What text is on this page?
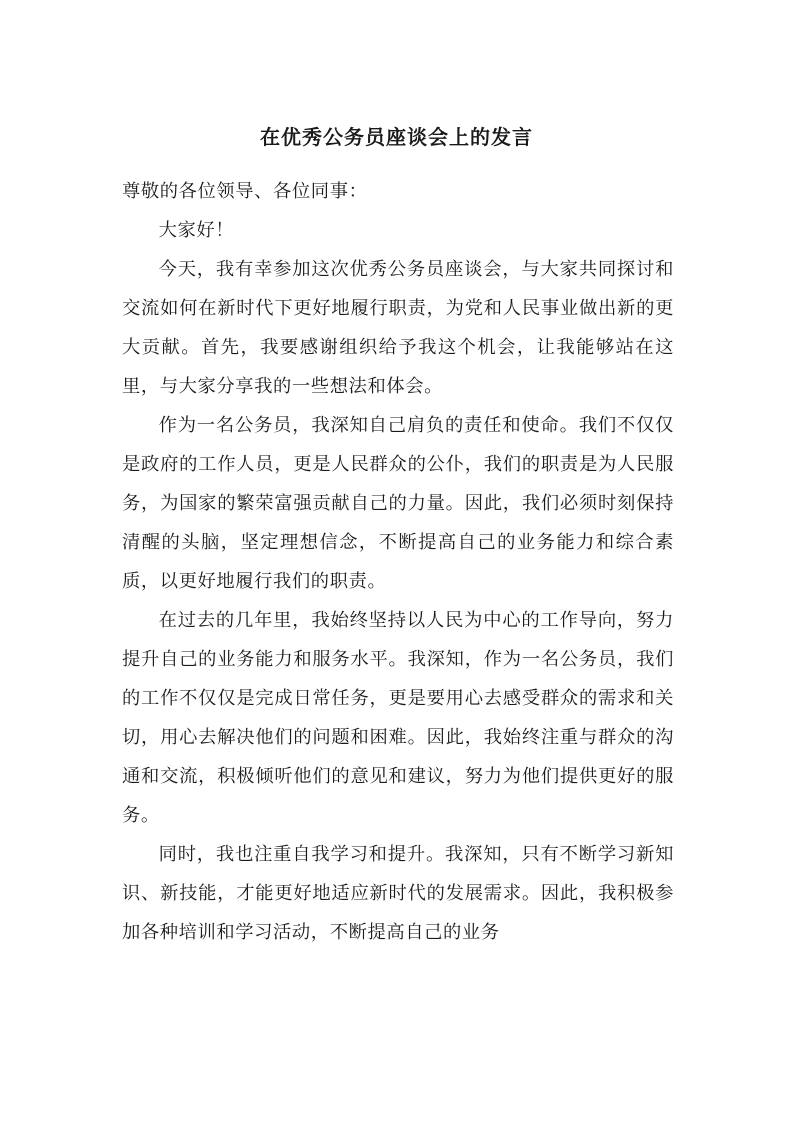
在优秀公务员座谈会上的发言

尊敬的各位领导、各位同事：

大家好！

今天，我有幸参加这次优秀公务员座谈会，与大家共同探讨和交流如何在新时代下更好地履行职责，为党和人民事业做出新的更大贡献。首先，我要感谢组织给予我这个机会，让我能够站在这里，与大家分享我的一些想法和体会。

作为一名公务员，我深知自己肩负的责任和使命。我们不仅仅是政府的工作人员，更是人民群众的公仆，我们的职责是为人民服务，为国家的繁荣富强贡献自己的力量。因此，我们必须时刻保持清醒的头脑，坚定理想信念，不断提高自己的业务能力和综合素质，以更好地履行我们的职责。

在过去的几年里，我始终坚持以人民为中心的工作导向，努力提升自己的业务能力和服务水平。我深知，作为一名公务员，我们的工作不仅仅是完成日常任务，更是要用心去感受群众的需求和关切，用心去解决他们的问题和困难。因此，我始终注重与群众的沟通和交流，积极倾听他们的意见和建议，努力为他们提供更好的服务。

同时，我也注重自我学习和提升。我深知，只有不断学习新知识、新技能，才能更好地适应新时代的发展需求。因此，我积极参加各种培训和学习活动，不断提高自己的业务
